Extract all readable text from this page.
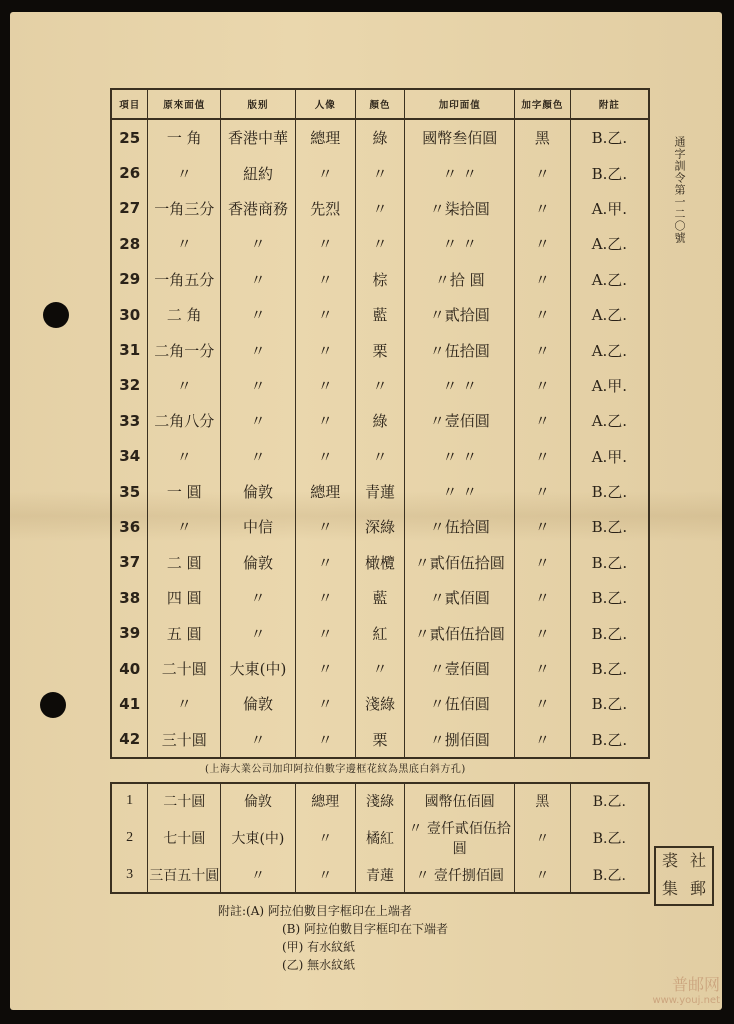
通字訓令第一二〇號
項目	原來面值	版别	人像	顏色	加印面值	加字顏色	附註
25	一 角	香港中華	總理	綠	國幣叁佰圓	黑	B.乙.
26	〃	紐約	〃	〃	〃 〃	〃	B.乙.
27	一角三分	香港商務	先烈	〃	〃柒拾圓	〃	A.甲.
28	〃	〃	〃	〃	〃 〃	〃	A.乙.
29	一角五分	〃	〃	棕	〃拾 圓	〃	A.乙.
30	二 角	〃	〃	藍	〃貳拾圓	〃	A.乙.
31	二角一分	〃	〃	栗	〃伍拾圓	〃	A.乙.
32	〃	〃	〃	〃	〃 〃	〃	A.甲.
33	二角八分	〃	〃	綠	〃壹佰圓	〃	A.乙.
34	〃	〃	〃	〃	〃 〃	〃	A.甲.
35	一 圓	倫敦	總理	青蓮	〃 〃	〃	B.乙.
36	〃	中信	〃	深綠	〃伍拾圓	〃	B.乙.
37	二 圓	倫敦	〃	橄欖	〃貳佰伍拾圓	〃	B.乙.
38	四 圓	〃	〃	藍	〃貳佰圓	〃	B.乙.
39	五 圓	〃	〃	紅	〃貳佰伍拾圓	〃	B.乙.
40	二十圓	大東(中)	〃	〃	〃壹佰圓	〃	B.乙.
41	〃	倫敦	〃	淺綠	〃伍佰圓	〃	B.乙.
42	三十圓	〃	〃	栗	〃捌佰圓	〃	B.乙.
(上海大業公司加印阿拉伯數字邊框花紋為黑底白斜方孔)
1	二十圓	倫敦	總理	淺綠	國幣伍佰圓	黑	B.乙.
2	七十圓	大東(中)	〃	橘紅	〃 壹仟貳佰伍拾圓	〃	B.乙.
3	三百五十圓	〃	〃	青蓮	〃 壹仟捌佰圓	〃	B.乙.
附註:(A) 阿拉伯數目字框印在上端者
(B) 阿拉伯數目字框印在下端者
(甲) 有水紋紙
(乙) 無水紋紙
裘 社
集 郵
普邮网
www.youj.net
